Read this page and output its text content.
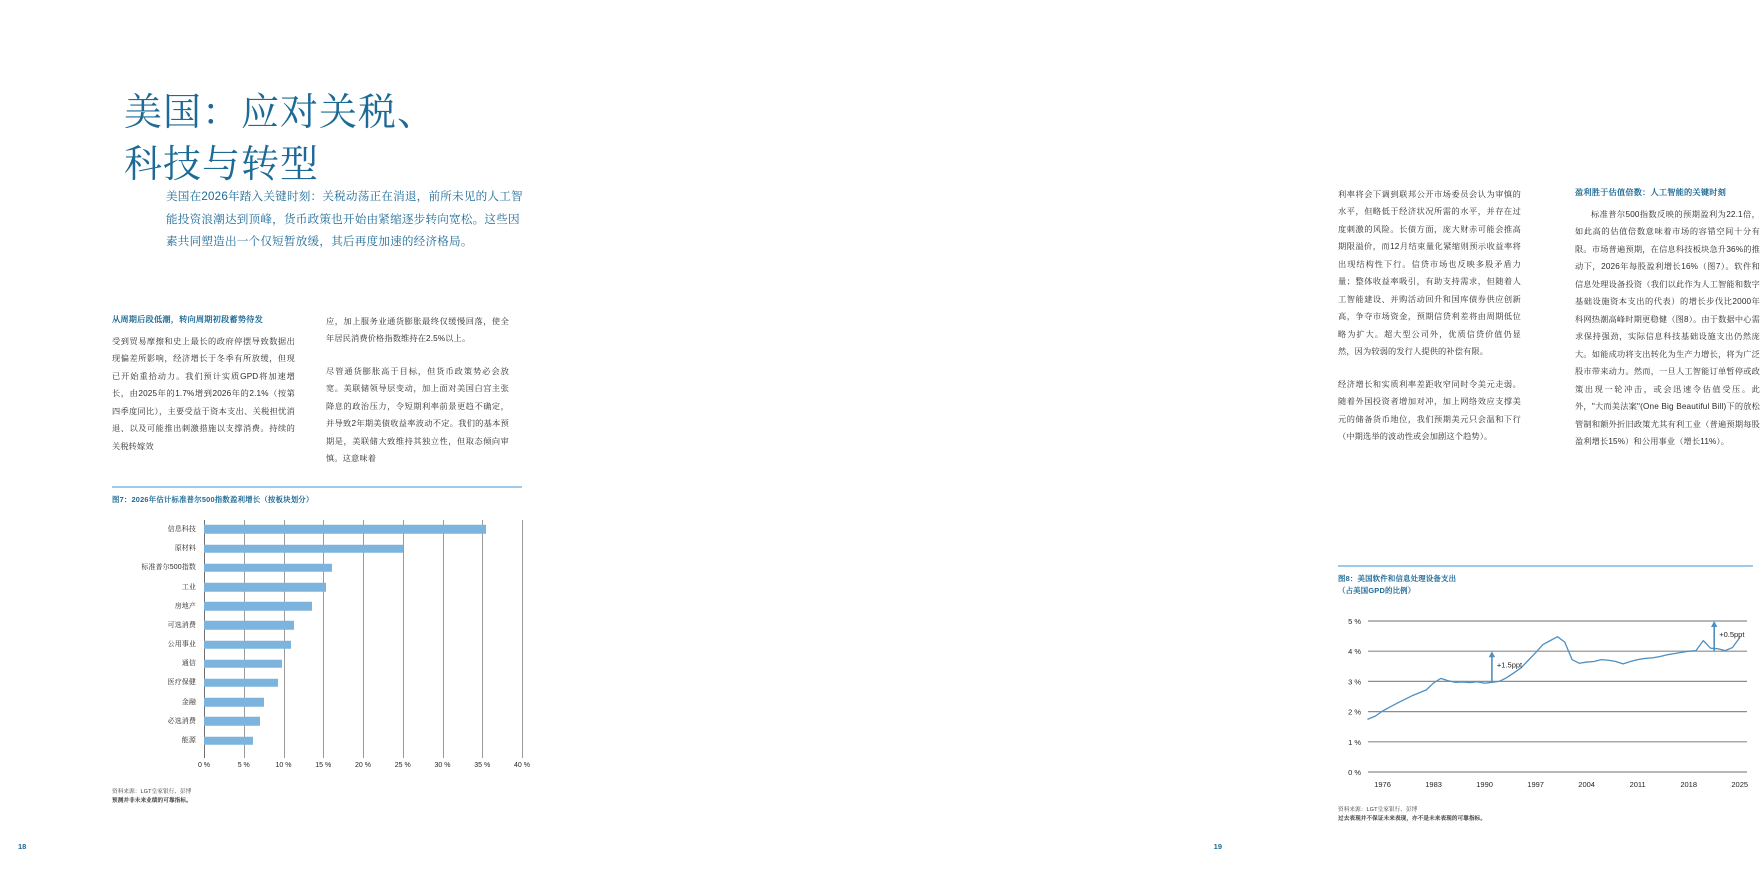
美国：应对关税、
科技与转型
美国在2026年踏入关键时刻：关税动荡正在消退，前所未见的人工智能投资浪潮达到顶峰，货币政策也开始由紧缩逐步转向宽松。这些因素共同塑造出一个仅短暂放缓，其后再度加速的经济格局。
从周期后段低潮，转向周期初段蓄势待发

受到贸易摩擦和史上最长的政府停摆导致数据出现偏差所影响，经济增长于冬季有所放缓，但现已开始重拾动力。我们预计实质GPD将加速增长，由2025年的1.7%增到2026年的2.1%（按第四季度同比），主要受益于资本支出、关税担忧消退、以及可能推出刺激措施以支撑消费。持续的关税转嫁效

应，加上服务业通货膨胀最终仅缓慢回落，使全年居民消费价格指数维持在2.5%以上。

尽管通货膨胀高于目标，但货币政策势必会放宽。美联储领导层变动，加上面对美国白宫主张降息的政治压力，令短期利率前景更趋不确定，并导致2年期美债收益率波动不定。我们的基本预期是，美联储大致维持其独立性，但取态倾向审慎。这意味着

图7：2026年估计标准普尔500指数盈利增长（按板块划分）
信息科技
原材料
标准普尔500指数
工业
房地产
可选消费
公用事业
通信
医疗保健
金融
必选消费
能源
0 %	5 %	10 %	15 %	20 %	25 %	30 %	35 %	40 %
资料来源：LGT皇家银行、彭博
预测并非未来业绩的可靠指标。
18

利率将会下调到联邦公开市场委员会认为审慎的水平，但略低于经济状况所需的水平，并存在过度刺激的风险。长债方面，庞大财赤可能会推高期限溢价，而12月结束量化紧缩则预示收益率将出现结构性下行。信贷市场也反映多股矛盾力量；整体收益率吸引，有助支持需求，但随着人工智能建设、并购活动回升和国库债券供应创新高，争夺市场资金，预期信贷利差将由周期低位略为扩大。超大型公司外，优质信贷价值仍显然，因为较弱的发行人提供的补偿有限。

经济增长和实质利率差距收窄同时令美元走弱。随着外国投资者增加对冲，加上网络效应支撑美元的储备货币地位，我们预期美元只会温和下行（中期选举的波动性或会加剧这个趋势）。

盈利胜于估值倍数：人工智能的关键时刻

标准普尔500指数反映的预期盈利为22.1倍，如此高的估值倍数意味着市场的容错空间十分有限。市场普遍预期，在信息科技板块急升36%的推动下，2026年每股盈利增长16%（图7）。软件和信息处理设备投资（我们以此作为人工智能和数字基础设施资本支出的代表）的增长步伐比2000年科网热潮高峰时期更稳健（图8）。由于数据中心需求保持强劲，实际信息科技基础设施支出仍然庞大。如能成功将支出转化为生产力增长，将为广泛股市带来动力。然而，一旦人工智能订单暂停或政策出现一轮冲击，或会迅速令估值受压。此外，"大而美法案"(One Big Beautiful Bill)下的放松管制和额外折旧政策尤其有利工业（普遍预期每股盈利增长15%）和公用事业（增长11%）。

图8：美国软件和信息处理设备支出
（占美国GPD的比例）
0 %
1 %
2 %
3 %
4 %
5 %
1976	1983	1990	1997	2004	2011	2018	2025
+1.5ppt
+0.5ppt
资料来源：LGT皇家银行、彭博
过去表现并不保证未来表现，亦不是未来表现的可靠指标。
19
